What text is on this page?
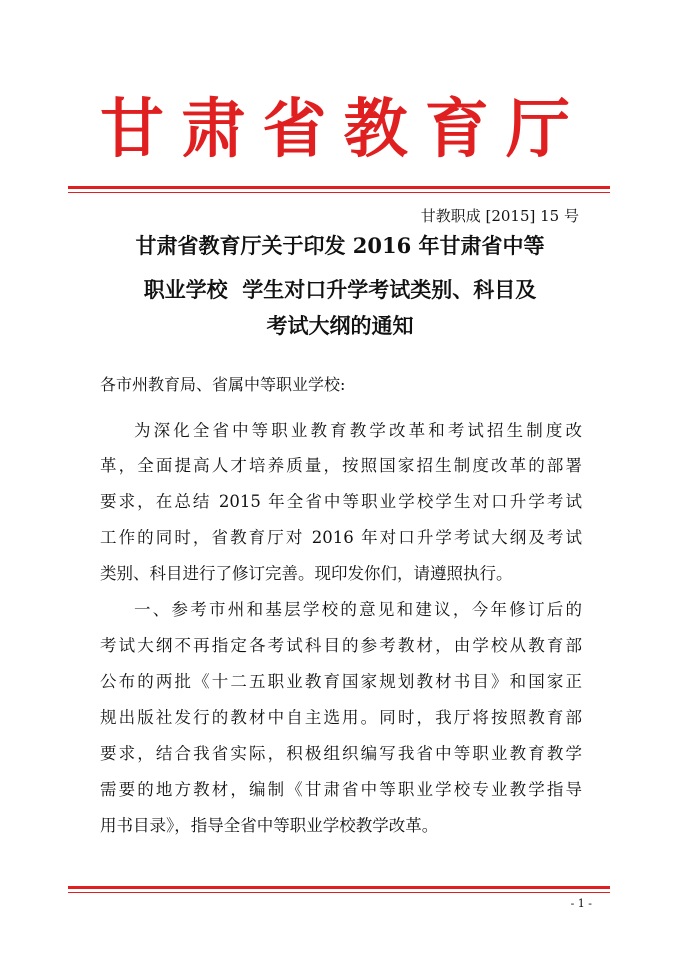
甘肃省教育厅
甘教职成 [2015] 15 号
甘肃省教育厅关于印发 2016 年甘肃省中等
职业学校  学生对口升学考试类别、科目及
考试大纲的通知
各市州教育局、省属中等职业学校:
为深化全省中等职业教育教学改革和考试招生制度改
革，全面提高人才培养质量，按照国家招生制度改革的部署
要求，在总结 2015 年全省中等职业学校学生对口升学考试
工作的同时，省教育厅对 2016 年对口升学考试大纲及考试
类别、科目进行了修订完善。现印发你们，请遵照执行。
一、参考市州和基层学校的意见和建议，今年修订后的
考试大纲不再指定各考试科目的参考教材，由学校从教育部
公布的两批《十二五职业教育国家规划教材书目》和国家正
规出版社发行的教材中自主选用。同时，我厅将按照教育部
要求，结合我省实际，积极组织编写我省中等职业教育教学
需要的地方教材，编制《甘肃省中等职业学校专业教学指导
用书目录》，指导全省中等职业学校教学改革。
- 1 -
